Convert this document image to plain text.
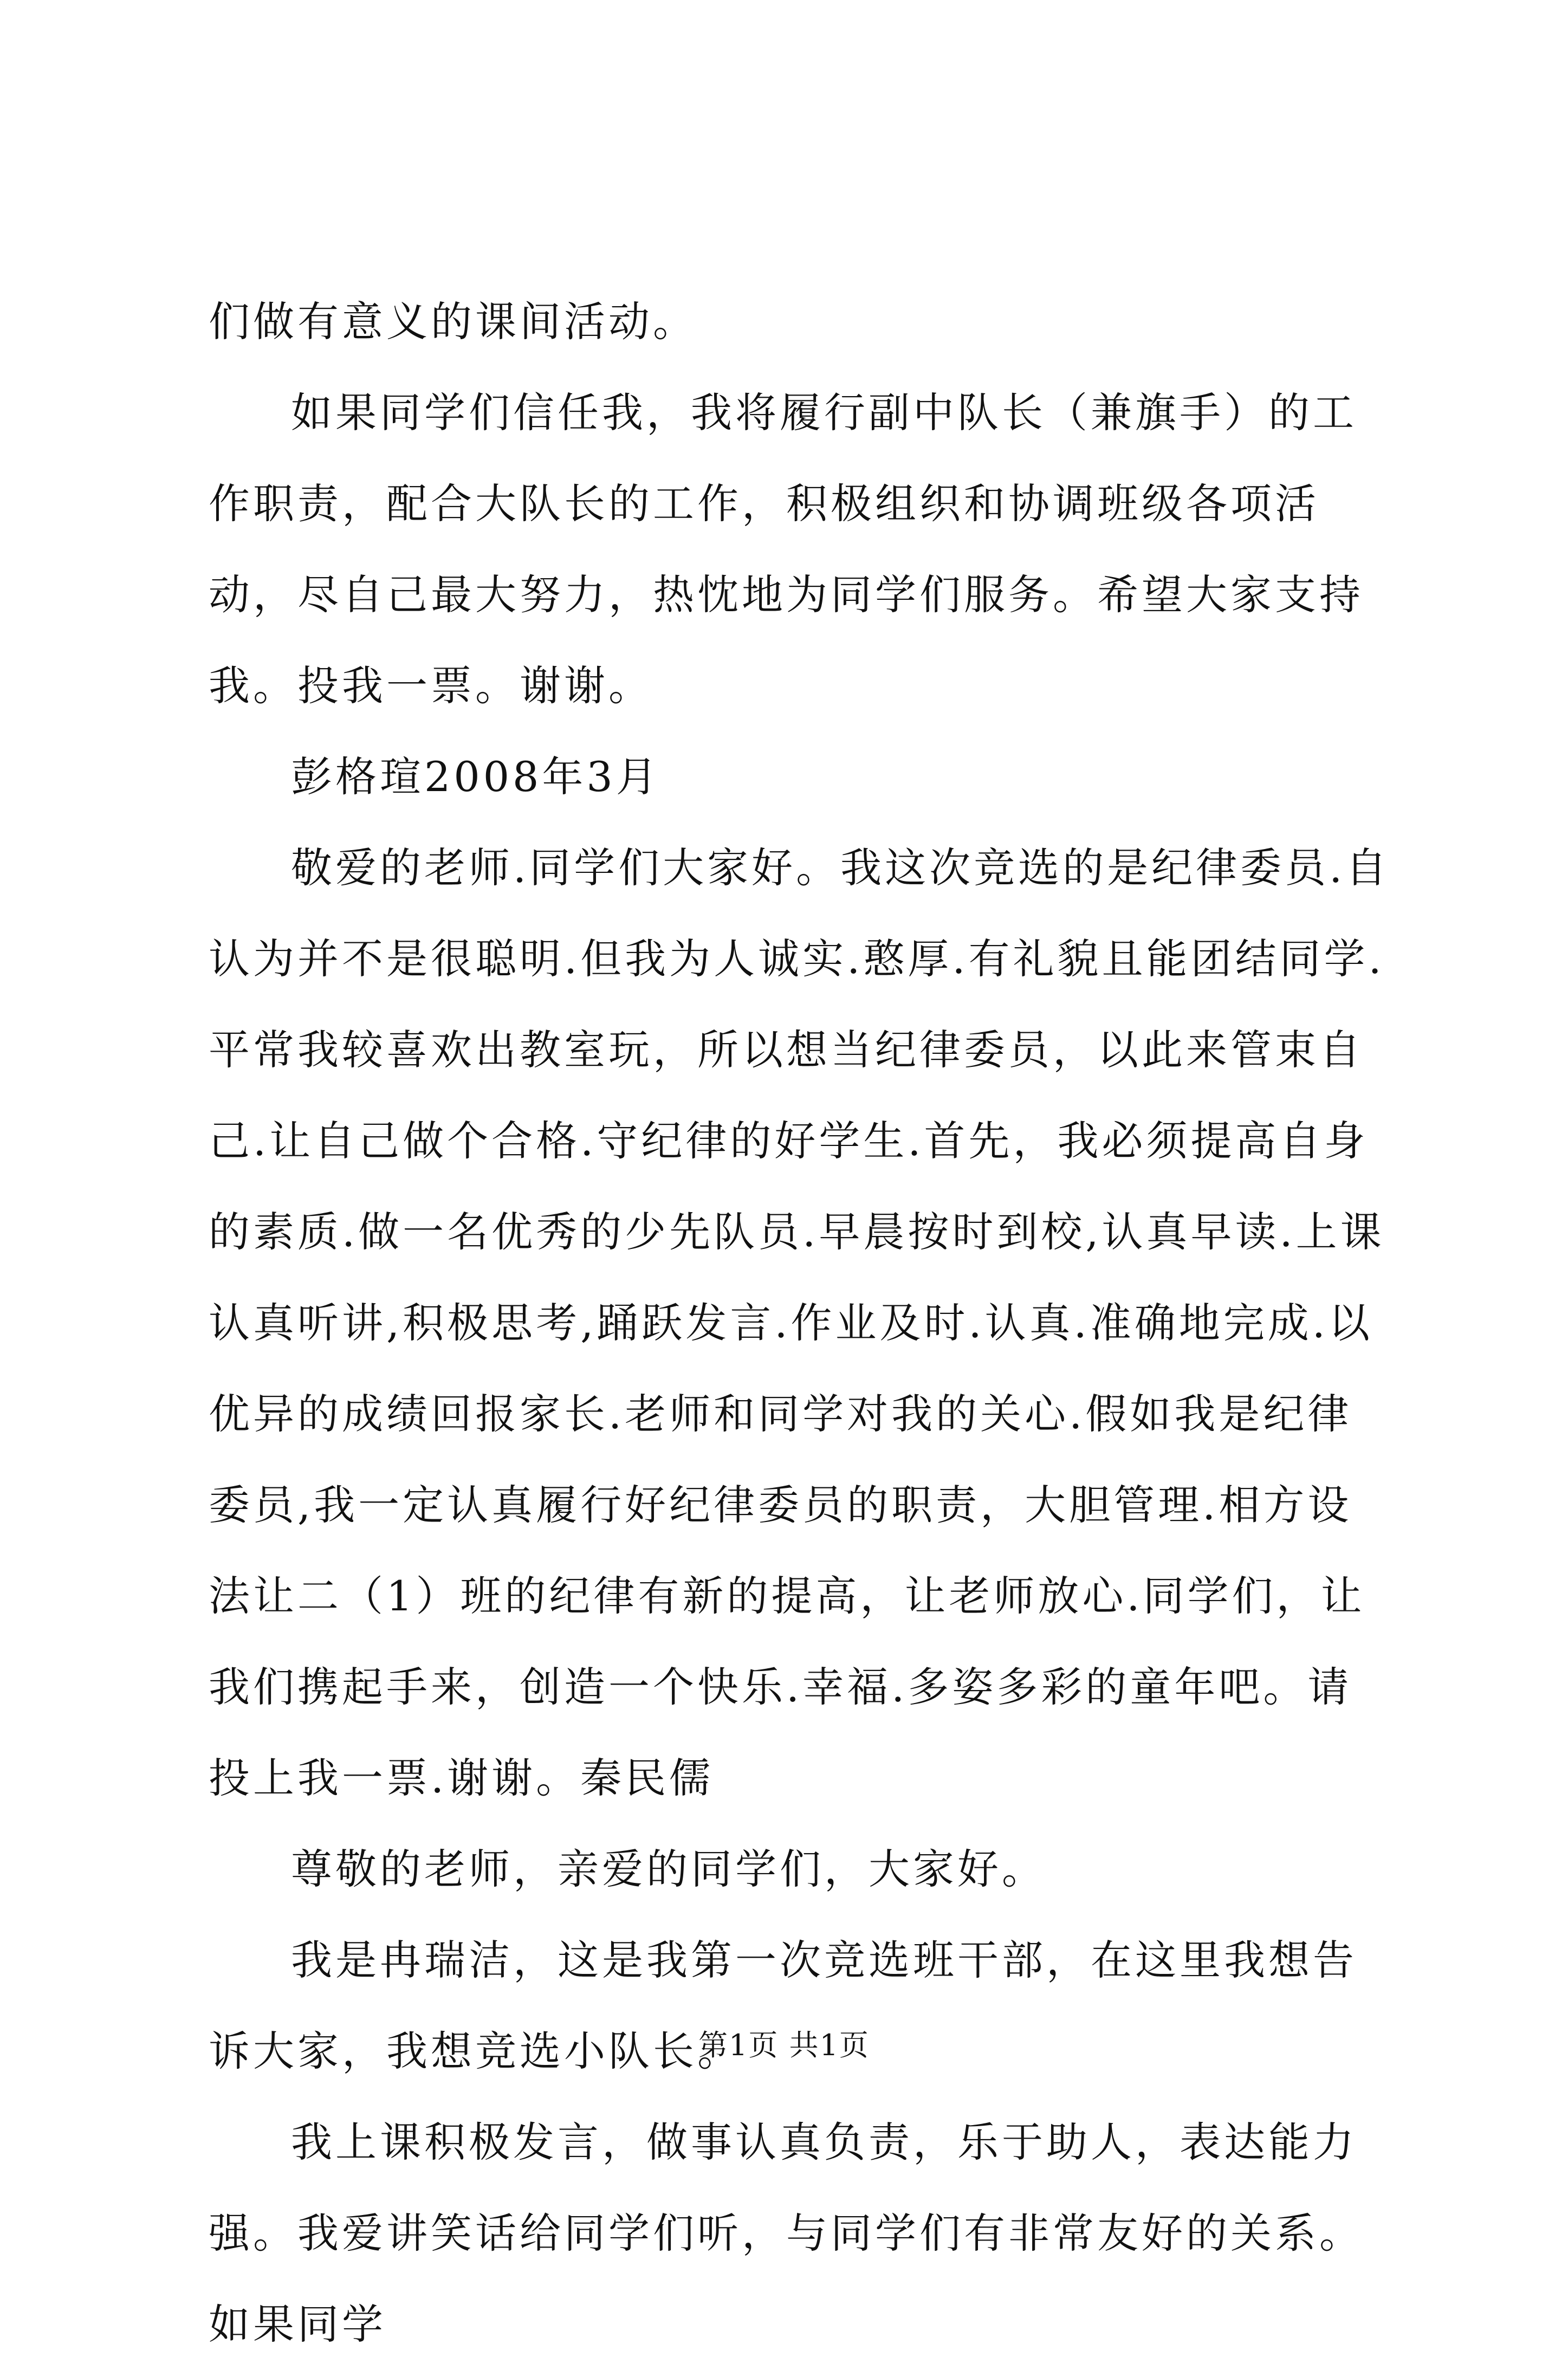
们做有意义的课间活动。

如果同学们信任我，我将履行副中队长（兼旗手）的工作职责，配合大队长的工作，积极组织和协调班级各项活动，尽自己最大努力，热忱地为同学们服务。希望大家支持我。投我一票。谢谢。

彭格瑄2008年3月

敬爱的老师.同学们大家好。我这次竞选的是纪律委员.自认为并不是很聪明.但我为人诚实.憨厚.有礼貌且能团结同学.平常我较喜欢出教室玩，所以想当纪律委员，以此来管束自己.让自己做个合格.守纪律的好学生.首先，我必须提高自身的素质.做一名优秀的少先队员.早晨按时到校,认真早读.上课认真听讲,积极思考,踊跃发言.作业及时.认真.准确地完成.以优异的成绩回报家长.老师和同学对我的关心.假如我是纪律委员,我一定认真履行好纪律委员的职责，大胆管理.相方设法让二（1）班的纪律有新的提高，让老师放心.同学们，让我们携起手来，创造一个快乐.幸福.多姿多彩的童年吧。请投上我一票.谢谢。秦民儒

尊敬的老师，亲爱的同学们，大家好。

我是冉瑞洁，这是我第一次竞选班干部，在这里我想告诉大家，我想竞选小队长。

我上课积极发言，做事认真负责，乐于助人，表达能力强。我爱讲笑话给同学们听，与同学们有非常友好的关系。如果同学

第1页 共1页
